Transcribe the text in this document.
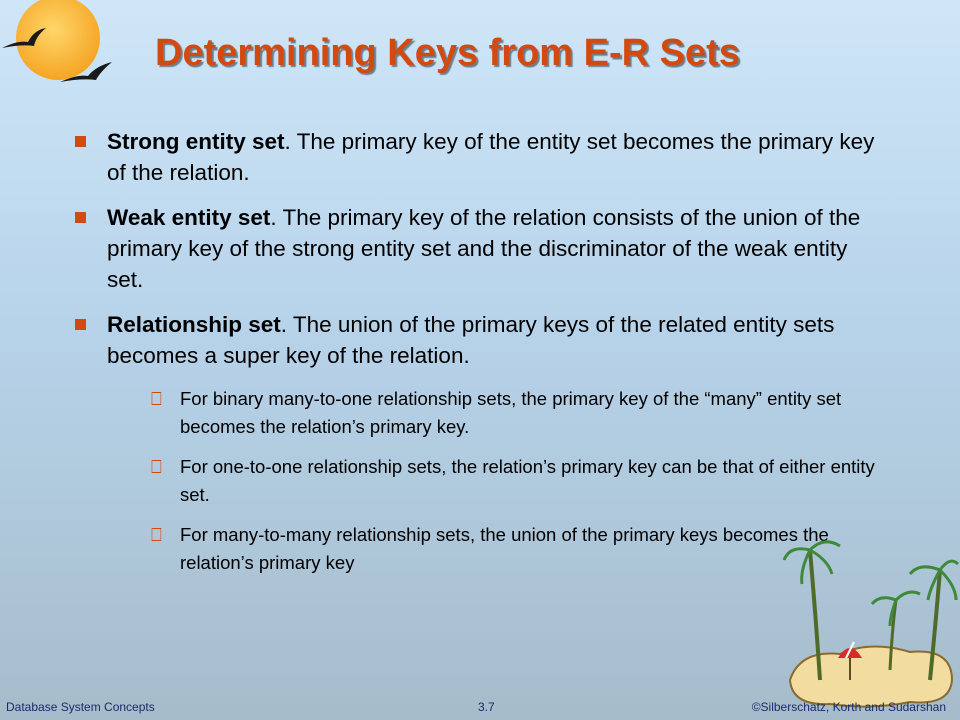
Determining Keys from E-R Sets
Strong entity set. The primary key of the entity set becomes the primary key of the relation.
Weak entity set. The primary key of the relation consists of the union of the primary key of the strong entity set and the discriminator of the weak entity set.
Relationship set. The union of the primary keys of the related entity sets becomes a super key of the relation.
⎕ For binary many-to-one relationship sets, the primary key of the “many” entity set becomes the relation’s primary key.
⎕ For one-to-one relationship sets, the relation’s primary key can be that of either entity set.
⎕ For many-to-many relationship sets, the union of the primary keys becomes the relation’s primary key
Database System Concepts	3.7	©Silberschatz, Korth and Sudarshan
